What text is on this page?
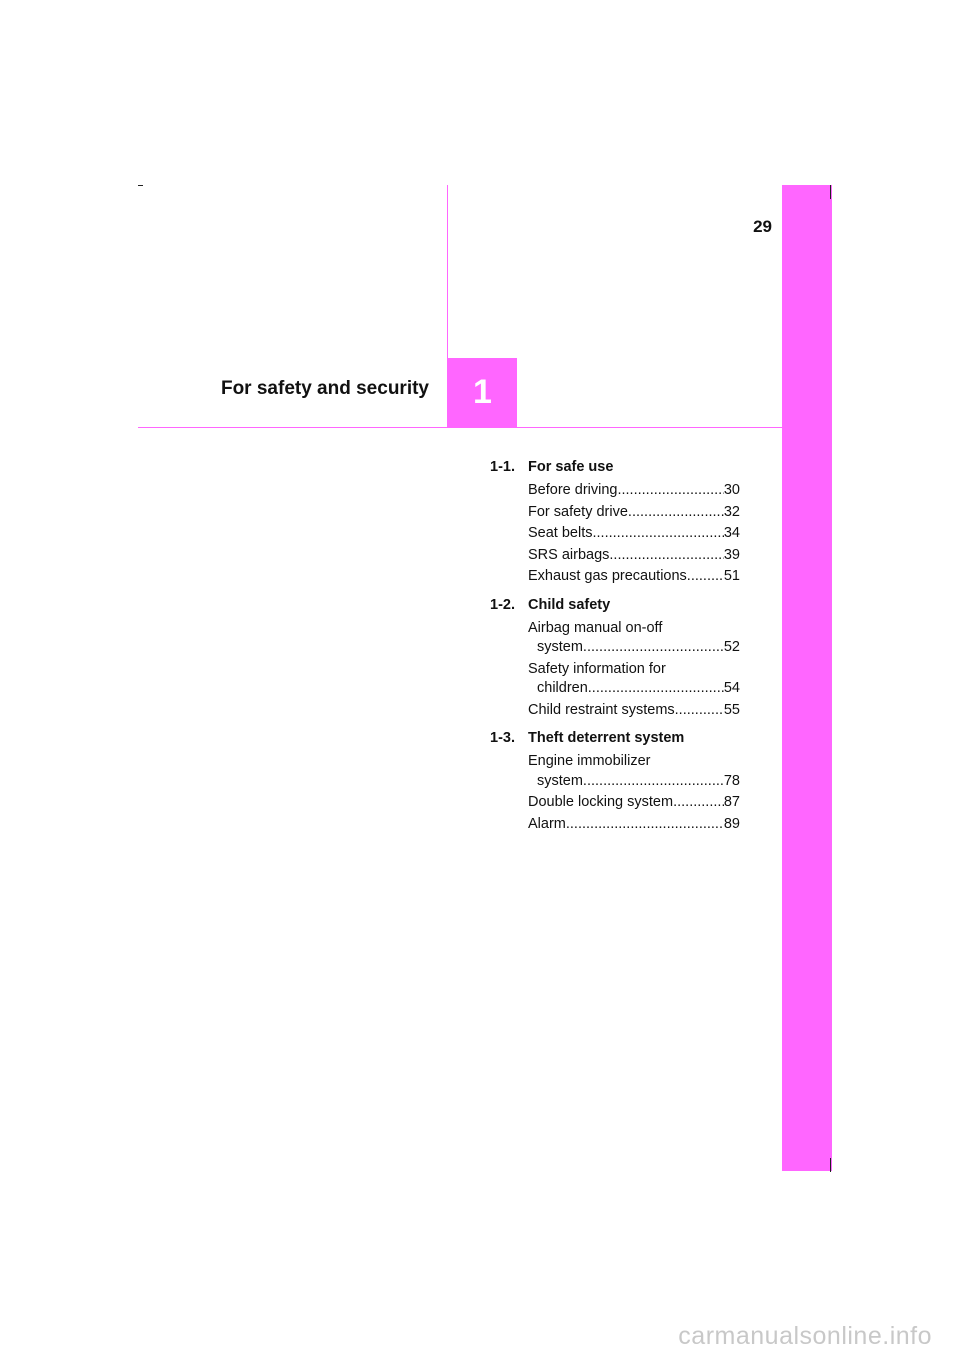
29
For safety and security 1
1-1. For safe use
Before driving .....	30
For safety drive .....	32
Seat belts .....	34
SRS airbags .....	39
Exhaust gas precautions .....	51
1-2. Child safety
Airbag manual on-off
system .....	52
Safety information for
children .....	54
Child restraint systems .....	55
1-3. Theft deterrent system
Engine immobilizer
system .....	78
Double locking system .....	87
Alarm .....	89
carmanualsonline.info
